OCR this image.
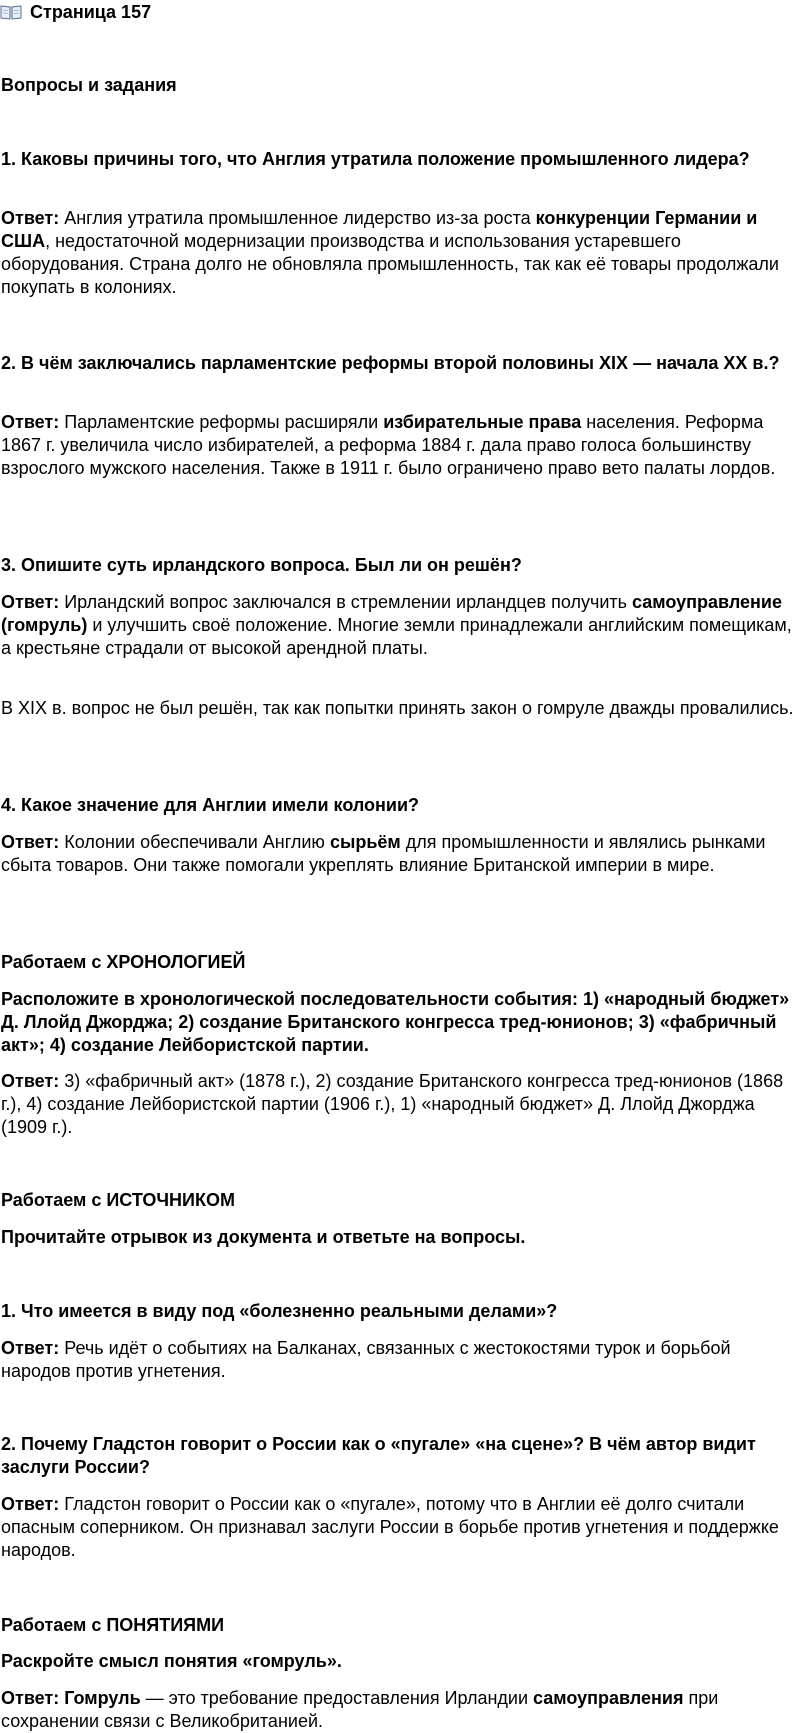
Страница 157
Вопросы и задания
1. Каковы причины того, что Англия утратила положение промышленного лидера?
Ответ: Англия утратила промышленное лидерство из-за роста конкуренции Германии и США, недостаточной модернизации производства и использования устаревшего оборудования. Страна долго не обновляла промышленность, так как её товары продолжали покупать в колониях.
2. В чём заключались парламентские реформы второй половины XIX — начала XX в.?
Ответ: Парламентские реформы расширяли избирательные права населения. Реформа 1867 г. увеличила число избирателей, а реформа 1884 г. дала право голоса большинству взрослого мужского населения. Также в 1911 г. было ограничено право вето палаты лордов.
3. Опишите суть ирландского вопроса. Был ли он решён?
Ответ: Ирландский вопрос заключался в стремлении ирландцев получить самоуправление (гомруль) и улучшить своё положение. Многие земли принадлежали английским помещикам, а крестьяне страдали от высокой арендной платы.
В XIX в. вопрос не был решён, так как попытки принять закон о гомруле дважды провалились.
4. Какое значение для Англии имели колонии?
Ответ: Колонии обеспечивали Англию сырьём для промышленности и являлись рынками сбыта товаров. Они также помогали укреплять влияние Британской империи в мире.
Работаем с ХРОНОЛОГИЕЙ
Расположите в хронологической последовательности события: 1) «народный бюджет» Д. Ллойд Джорджа; 2) создание Британского конгресса тред-юнионов; 3) «фабричный акт»; 4) создание Лейбористской партии.
Ответ: 3) «фабричный акт» (1878 г.), 2) создание Британского конгресса тред-юнионов (1868 г.), 4) создание Лейбористской партии (1906 г.), 1) «народный бюджет» Д. Ллойд Джорджа (1909 г.).
Работаем с ИСТОЧНИКОМ
Прочитайте отрывок из документа и ответьте на вопросы.
1. Что имеется в виду под «болезненно реальными делами»?
Ответ: Речь идёт о событиях на Балканах, связанных с жестокостями турок и борьбой народов против угнетения.
2. Почему Гладстон говорит о России как о «пугале» «на сцене»? В чём автор видит заслуги России?
Ответ: Гладстон говорит о России как о «пугале», потому что в Англии её долго считали опасным соперником. Он признавал заслуги России в борьбе против угнетения и поддержке народов.
Работаем с ПОНЯТИЯМИ
Раскройте смысл понятия «гомруль».
Ответ: Гомруль — это требование предоставления Ирландии самоуправления при сохранении связи с Великобританией.
